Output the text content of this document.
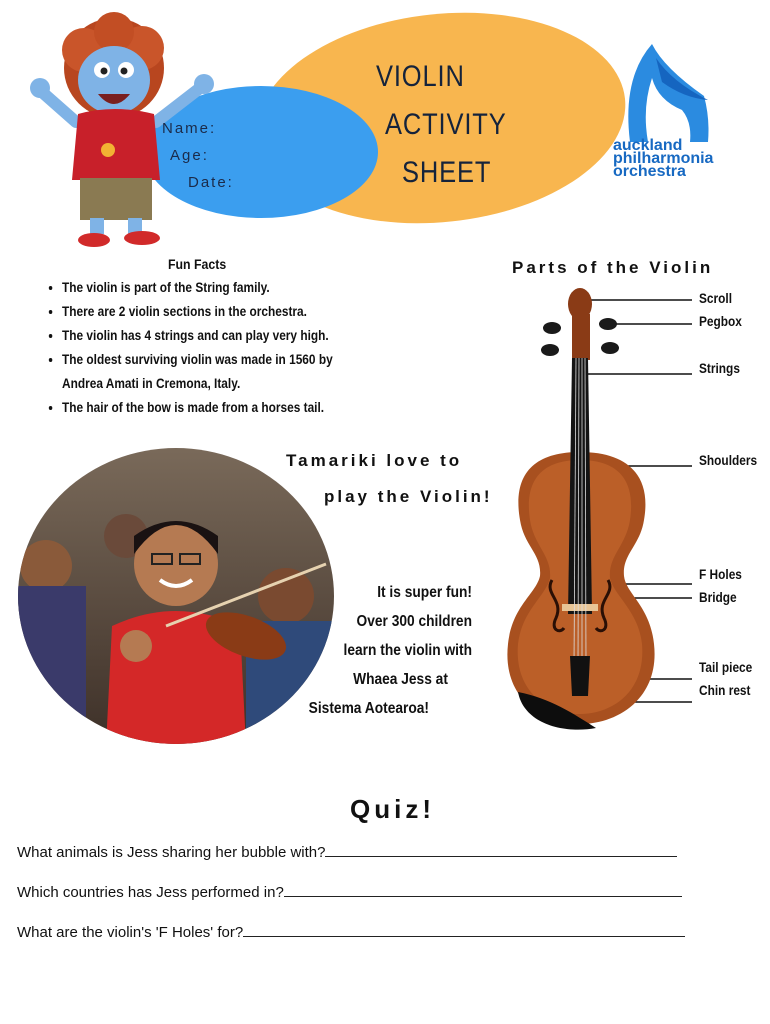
Name:
Age:
Date:
VIOLIN
ACTIVITY
SHEET
auckland
philharmonia
orchestra
Fun Facts
• The violin is part of the String family.
• There are 2 violin sections in the orchestra.
• The violin has 4 strings and can play very high.
• The oldest surviving violin was made in 1560 by
Andrea Amati in Cremona, Italy.
• The hair of the bow is made from a horses tail.
Parts of the Violin
Scroll
Pegbox
Strings
Shoulders
F Holes
Bridge
Tail piece
Chin rest
Tamariki love to
play the Violin!
It is super fun!
Over 300 children
learn the violin with
Whaea Jess at
Sistema Aotearoa!
Quiz!
What animals is Jess sharing her bubble with?
Which countries has Jess performed in?
What are the violin's 'F Holes' for?
